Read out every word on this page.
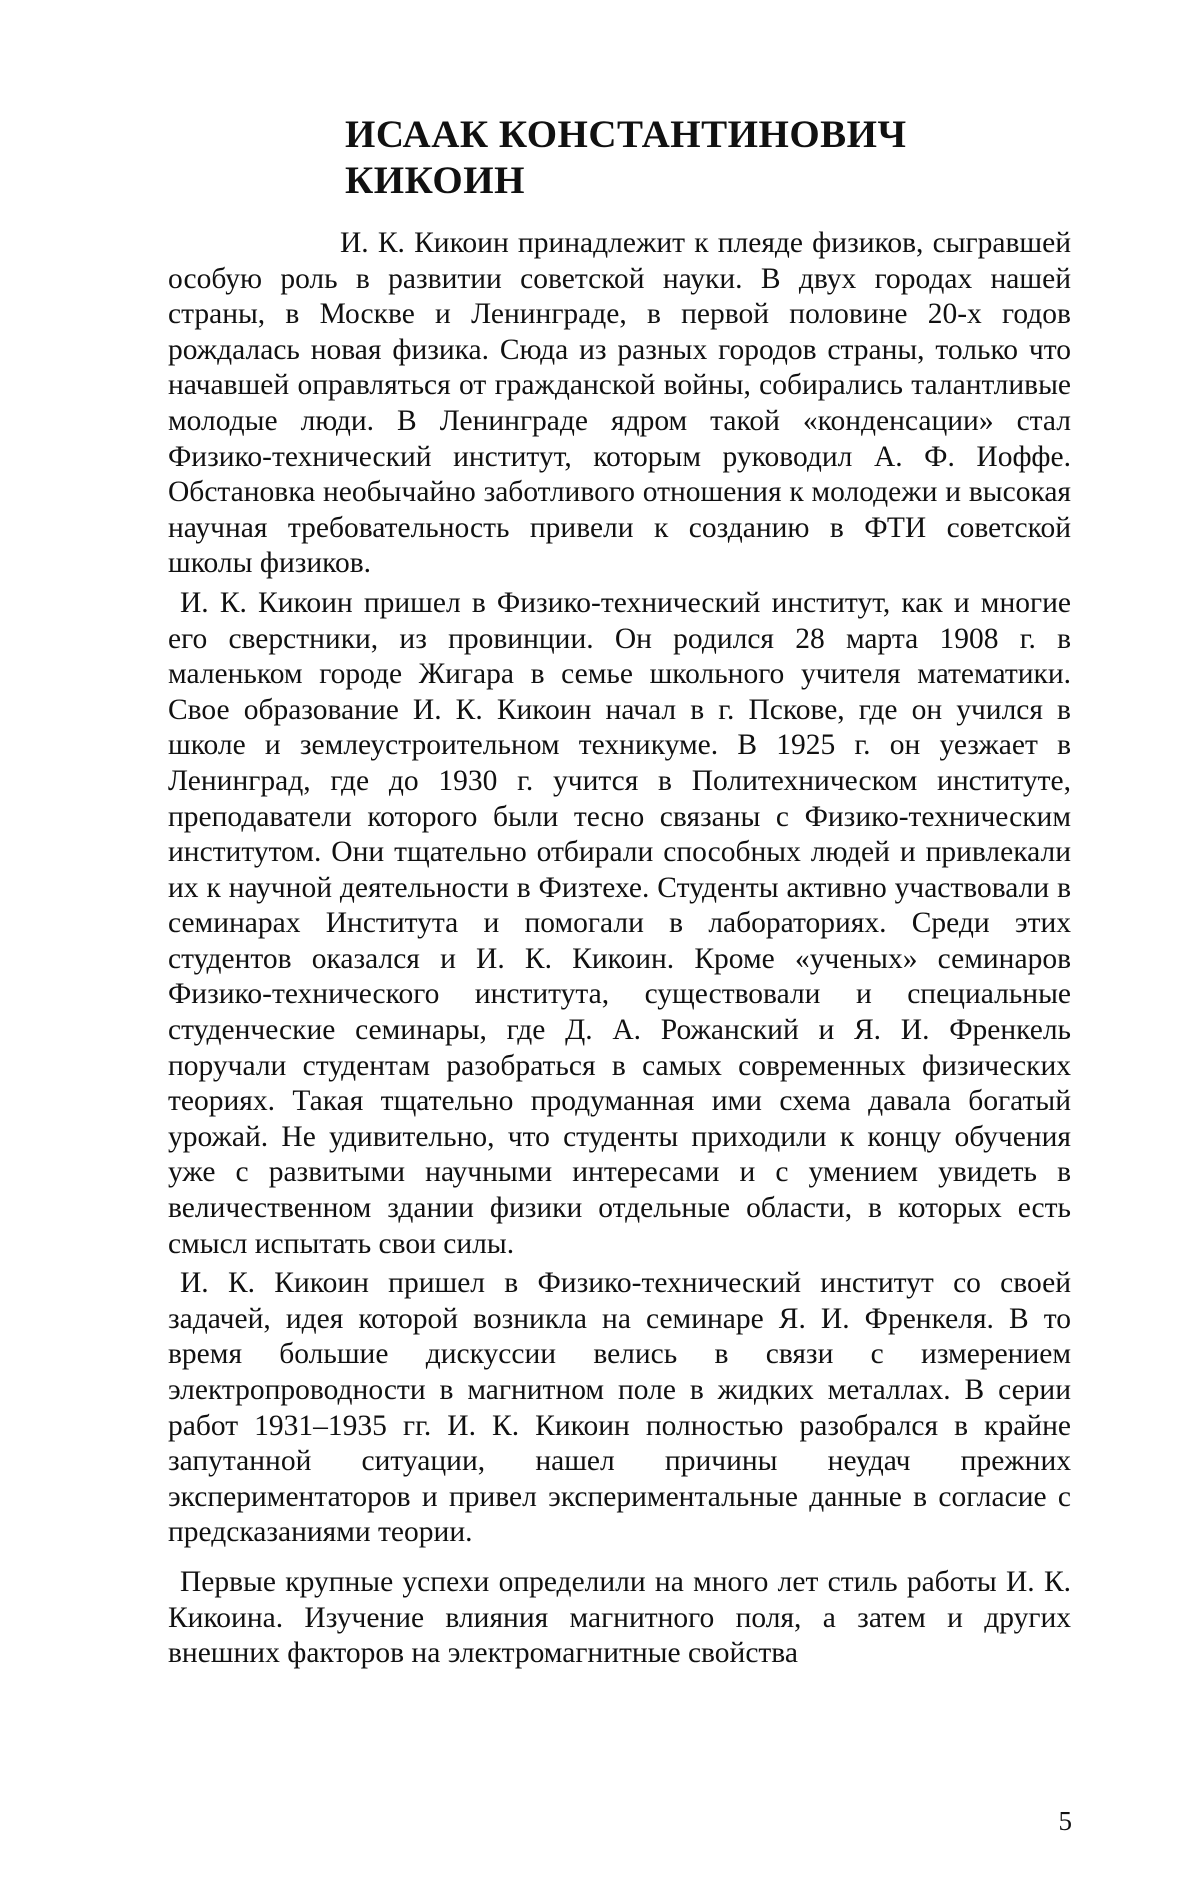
ИСААК КОНСТАНТИНОВИЧ
КИКОИН

И. К. Кикоин принадлежит к плеяде физиков, сыгравшей особую роль в развитии советской науки. В двух городах нашей страны, в Москве и Ленинграде, в первой половине 20-х годов рождалась новая физика. Сюда из разных городов страны, только что начавшей оправляться от гражданской войны, собирались талантливые молодые люди. В Ленинграде ядром такой «конденсации» стал Физико-технический институт, которым руководил А. Ф. Иоффе. Обстановка необычайно заботливого отношения к молодежи и высокая научная требовательность привели к созданию в ФТИ советской школы физиков.

И. К. Кикоин пришел в Физико-технический институт, как и многие его сверстники, из провинции. Он родился 28 марта 1908 г. в маленьком городе Жигара в семье школьного учителя математики. Свое образование И. К. Кикоин начал в г. Пскове, где он учился в школе и землеустроительном техникуме. В 1925 г. он уезжает в Ленинград, где до 1930 г. учится в Политехническом институте, преподаватели которого были тесно связаны с Физико-техническим институтом. Они тщательно отбирали способных людей и привлекали их к научной деятельности в Физтехе. Студенты активно участвовали в семинарах Института и помогали в лабораториях. Среди этих студентов оказался и И. К. Кикоин. Кроме «ученых» семинаров Физико-технического института, существовали и специальные студенческие семинары, где Д. А. Рожанский и Я. И. Френкель поручали студентам разобраться в самых современных физических теориях. Такая тщательно продуманная ими схема давала богатый урожай. Не удивительно, что студенты приходили к концу обучения уже с развитыми научными интересами и с умением увидеть в величественном здании физики отдельные области, в которых есть смысл испытать свои силы.

И. К. Кикоин пришел в Физико-технический институт со своей задачей, идея которой возникла на семинаре Я. И. Френкеля. В то время большие дискуссии велись в связи с измерением электропроводности в магнитном поле в жидких металлах. В серии работ 1931–1935 гг. И. К. Кикоин полностью разобрался в крайне запутанной ситуации, нашел причины неудач прежних экспериментаторов и привел экспериментальные данные в согласие с предсказаниями теории.

Первые крупные успехи определили на много лет стиль работы И. К. Кикоина. Изучение влияния магнитного поля, а затем и других внешних факторов на электромагнитные свойства

5
